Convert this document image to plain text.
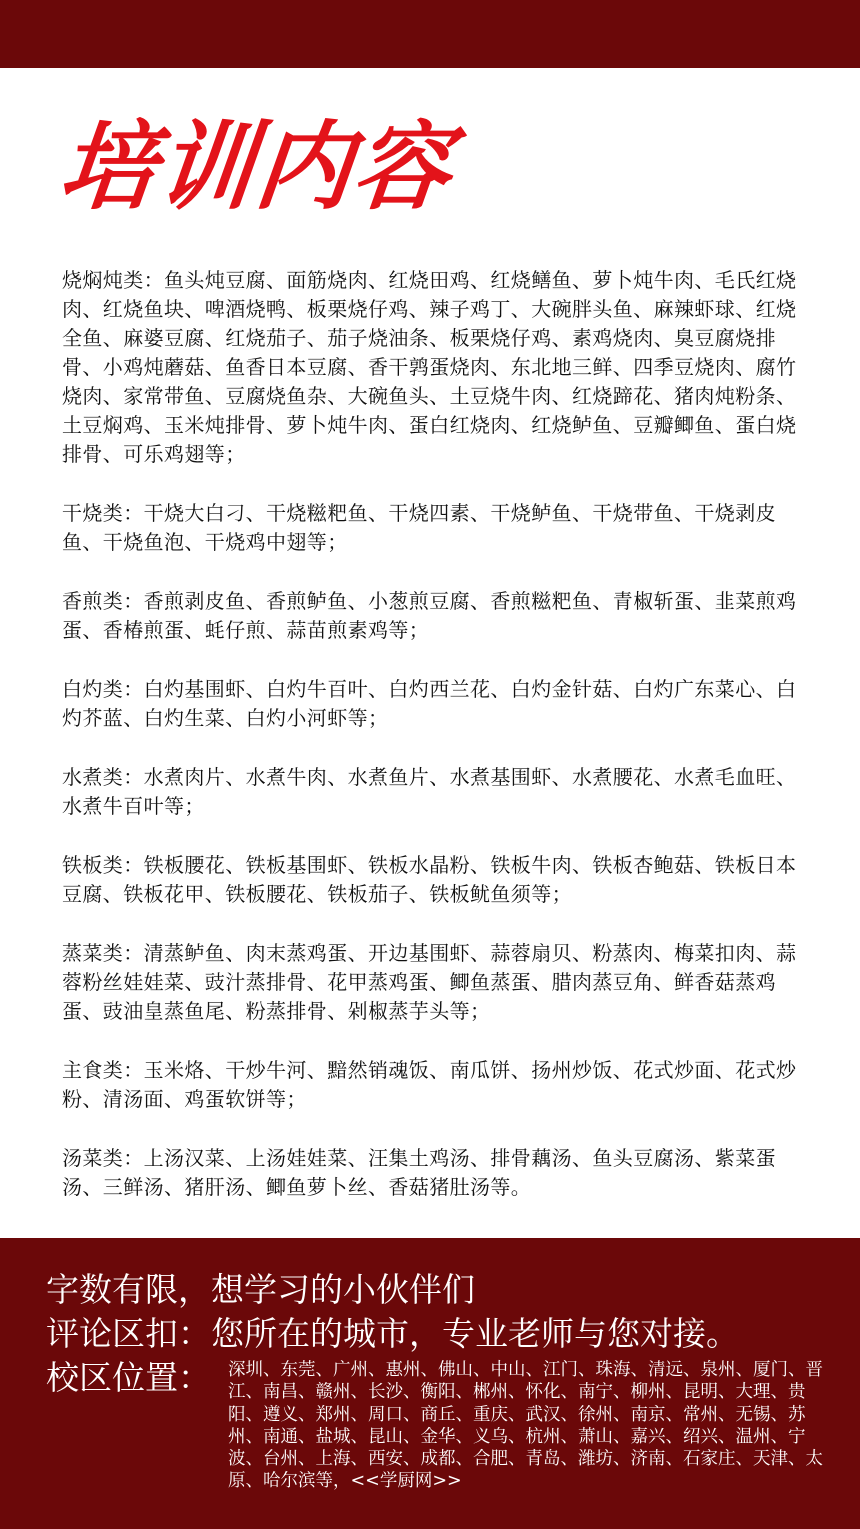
培训内容
烧焖炖类：鱼头炖豆腐、面筋烧肉、红烧田鸡、红烧鳝鱼、萝卜炖牛肉、毛氏红烧肉、红烧鱼块、啤酒烧鸭、板栗烧仔鸡、辣子鸡丁、大碗胖头鱼、麻辣虾球、红烧全鱼、麻婆豆腐、红烧茄子、茄子烧油条、板栗烧仔鸡、素鸡烧肉、臭豆腐烧排骨、小鸡炖蘑菇、鱼香日本豆腐、香干鹑蛋烧肉、东北地三鲜、四季豆烧肉、腐竹烧肉、家常带鱼、豆腐烧鱼杂、大碗鱼头、土豆烧牛肉、红烧蹄花、猪肉炖粉条、土豆焖鸡、玉米炖排骨、萝卜炖牛肉、蛋白红烧肉、红烧鲈鱼、豆瓣鲫鱼、蛋白烧排骨、可乐鸡翅等；
干烧类：干烧大白刁、干烧糍粑鱼、干烧四素、干烧鲈鱼、干烧带鱼、干烧剥皮鱼、干烧鱼泡、干烧鸡中翅等；
香煎类：香煎剥皮鱼、香煎鲈鱼、小葱煎豆腐、香煎糍粑鱼、青椒斩蛋、韭菜煎鸡蛋、香椿煎蛋、蚝仔煎、蒜苗煎素鸡等；
白灼类：白灼基围虾、白灼牛百叶、白灼西兰花、白灼金针菇、白灼广东菜心、白灼芥蓝、白灼生菜、白灼小河虾等；
水煮类：水煮肉片、水煮牛肉、水煮鱼片、水煮基围虾、水煮腰花、水煮毛血旺、水煮牛百叶等；
铁板类：铁板腰花、铁板基围虾、铁板水晶粉、铁板牛肉、铁板杏鲍菇、铁板日本豆腐、铁板花甲、铁板腰花、铁板茄子、铁板鱿鱼须等；
蒸菜类：清蒸鲈鱼、肉末蒸鸡蛋、开边基围虾、蒜蓉扇贝、粉蒸肉、梅菜扣肉、蒜蓉粉丝娃娃菜、豉汁蒸排骨、花甲蒸鸡蛋、鲫鱼蒸蛋、腊肉蒸豆角、鲜香菇蒸鸡蛋、豉油皇蒸鱼尾、粉蒸排骨、剁椒蒸芋头等；
主食类：玉米烙、干炒牛河、黯然销魂饭、南瓜饼、扬州炒饭、花式炒面、花式炒粉、清汤面、鸡蛋软饼等；
汤菜类：上汤汉菜、上汤娃娃菜、汪集土鸡汤、排骨藕汤、鱼头豆腐汤、紫菜蛋汤、三鲜汤、猪肝汤、鲫鱼萝卜丝、香菇猪肚汤等。
字数有限，想学习的小伙伴们
评论区扣：您所在的城市，专业老师与您对接。
校区位置： 深圳、东莞、广州、惠州、佛山、中山、江门、珠海、清远、泉州、厦门、晋江、南昌、赣州、长沙、衡阳、郴州、怀化、南宁、柳州、昆明、大理、贵阳、遵义、郑州、周口、商丘、重庆、武汉、徐州、南京、常州、无锡、苏州、南通、盐城、昆山、金华、义乌、杭州、萧山、嘉兴、绍兴、温州、宁波、台州、上海、西安、成都、合肥、青岛、潍坊、济南、石家庄、天津、太原、哈尔滨等，<<学厨网>>
